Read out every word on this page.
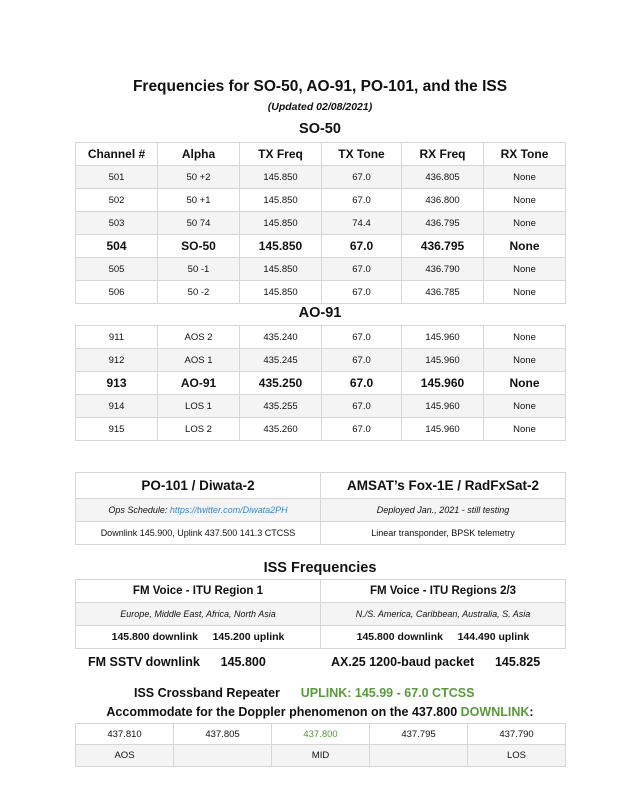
Frequencies for SO-50, AO-91, PO-101, and the ISS
(Updated 02/08/2021)
SO-50
Channel #	Alpha	TX Freq	TX Tone	RX Freq	RX Tone
501	50 +2	145.850	67.0	436.805	None
502	50 +1	145.850	67.0	436.800	None
503	50 74	145.850	74.4	436.795	None
504	SO-50	145.850	67.0	436.795	None
505	50 -1	145.850	67.0	436.790	None
506	50 -2	145.850	67.0	436.785	None
AO-91
911	AOS 2	435.240	67.0	145.960	None
912	AOS 1	435.245	67.0	145.960	None
913	AO-91	435.250	67.0	145.960	None
914	LOS 1	435.255	67.0	145.960	None
915	LOS 2	435.260	67.0	145.960	None
PO-101 / Diwata-2	AMSAT’s Fox-1E / RadFxSat-2
Ops Schedule: https://twitter.com/Diwata2PH	Deployed Jan., 2021 - still testing
Downlink 145.900, Uplink 437.500 141.3 CTCSS	Linear transponder, BPSK telemetry
ISS Frequencies
FM Voice - ITU Region 1	FM Voice - ITU Regions 2/3
Europe, Middle East, Africa, North Asia	N./S. America, Caribbean, Australia, S. Asia
145.800 downlink 145.200 uplink	145.800 downlink 144.490 uplink
FM SSTV downlink 145.800	AX.25 1200-baud packet 145.825
ISS Crossband Repeater UPLINK: 145.99 - 67.0 CTCSS
Accommodate for the Doppler phenomenon on the 437.800 DOWNLINK:
437.810	437.805	437.800	437.795	437.790
AOS		MID		LOS
